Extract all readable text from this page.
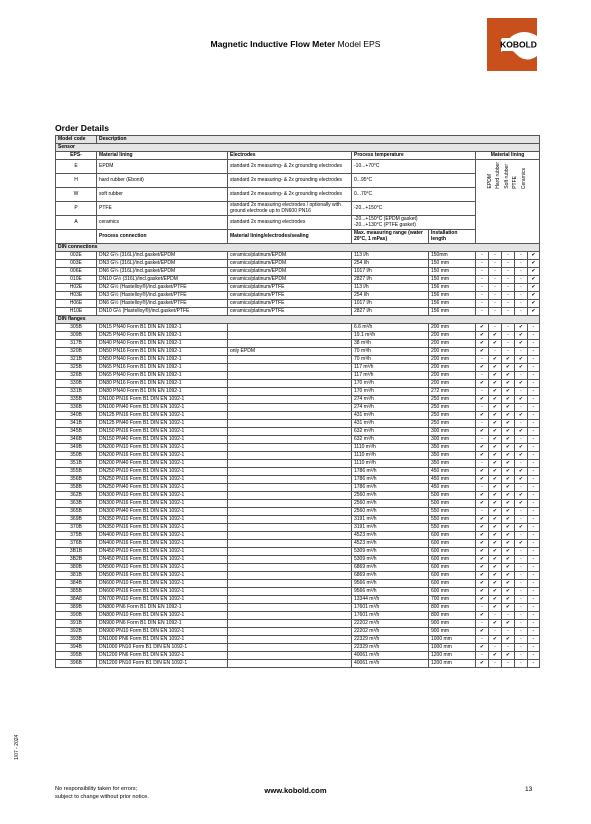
Magnetic Inductive Flow Meter Model EPS	KOBOLD
Order Details
Model code	Description								
Sensor									
EPS-	Material lining	Electrodes	Process temperature		Material lining				
E	EPDM	standard 2x measuring- & 2x grounding electrodes	-10...+70°C		EPDM Hard rubber Soft rubber PTFE Ceramics				
H	hard rubber (Ebonit)	standard 2x measuring- & 2x grounding electrodes	0...95°C						

W	soft rubber	standard 2x measuring- & 2x grounding electrodes	0...70°C						

P	PTFE	standard 2x measuring electrodes / optionally with ground electrode up to DN600 PN16	-20...+150°C						

A	ceramics	standard 2x measuring electrodes	-20...+150°C (EPDM gasket)
-20...+130°C (PTFE gasket)						

	Process connection	Material lining/electrodes/sealing	Max. measuring range (water 20°C, 1 mPas)	Installation length					
DIN connections									
002E	DN2 G¼ (316L)/incl.gasket/EPDM	ceramics/platinum/EPDM	113 l/h	150mm	-	-	-	-	✔
003E	DN3 G¼ (316L)/incl.gasket/EPDM	ceramics/platinum/EPDM	254 l/h	150 mm	-	-	-	-	✔
006E	DN6 G¼ (316L)/incl.gasket/EPDM	ceramics/platinum/EPDM	1017 l/h	150 mm	-	-	-	-	✔
010E	DN10 G½ (316L)/incl.gasket/EPDM	ceramics/platinum/EPDM	2827 l/h	150 mm	-	-	-	-	✔
H02E	DN2 G½ (Hastelloy®)/incl.gasket/PTFE	ceramics/platinum/PTFE	113 l/h	156 mm	-	-	-	-	✔
H03E	DN3 G½ (Hastelloy®)/incl.gasket/PTFE	ceramics/platinum/PTFE	254 l/h	156 mm	-	-	-	-	✔
H06E	DN6 G½ (Hastelloy®)/incl.gasket/PTFE	ceramics/platinum/PTFE	1017 l/h	156 mm	-	-	-	-	✔
H10E	DN10 G½ (Hastelloy®)/incl.gasket/PTFE	ceramics/platinum/PTFE	2827 l/h	156 mm	-	-	-	-	✔
DIN flanges									
305B	DN15 PN40 Form B1 DIN EN 1092-1		6.6 m³/h	200 mm	✔	-	-	✔	-
309B	DN25 PN40 Form B1 DIN EN 1092-1		19.1 m³/h	200 mm	✔	✔	-	✔	-
317B	DN40 PN40 Form B1 DIN EN 1092-1		38 m³/h	200 mm	✔	✔	-	✔	-
320B	DN50 PN16 Form B1 DIN EN 1092-1	only EPDM	70 m³/h	200 mm	✔	-	-	-	-
321B	DN50 PN40 Form B1 DIN EN 1092-1		70 m³/h	200 mm	-	✔	✔	✔	-
325B	DN65 PN16 Form B1 DIN EN 1092-1		117 m³/h	200 mm	✔	✔	✔	✔	-
326B	DN65 PN40 Form B1 DIN EN 1092-1		117 m³/h	200 mm	-	✔	✔	-	-
330B	DN80 PN16 Form B1 DIN EN 1092-1		170 m³/h	200 mm	✔	✔	✔	✔	-
331B	DN80 PN40 Form B1 DIN EN 1092-1		170 m³/h	272 mm	-	✔	✔	-	-
335B	DN100 PN16 Form B1 DIN EN 1092-1		274 m³/h	250 mm	✔	✔	✔	✔	-
336B	DN100 PN40 Form B1 DIN EN 1092-1		274 m³/h	250 mm	-	✔	✔	-	-
340B	DN125 PN16 Form B1 DIN EN 1092-1		431 m³/h	250 mm	✔	✔	✔	✔	-
341B	DN125 PN40 Form B1 DIN EN 1092-1		431 m³/h	250 mm	-	✔	✔	-	-
345B	DN150 PN16 Form B1 DIN EN 1092-1		632 m³/h	300 mm	✔	✔	✔	✔	-
346B	DN150 PN40 Form B1 DIN EN 1092-1		632 m³/h	300 mm	-	✔	✔	-	-
349B	DN200 PN10 Form B1 DIN EN 1092-1		1110 m³/h	350 mm	✔	✔	✔	✔	-
350B	DN200 PN16 Form B1 DIN EN 1092-1		1110 m³/h	350 mm	✔	✔	✔	✔	-
351B	DN200 PN40 Form B1 DIN EN 1092-1		1110 m³/h	350 mm	-	✔	✔	-	-
355B	DN250 PN10 Form B1 DIN EN 1092-1		1786 m³/h	450 mm	✔	✔	✔	✔	-
356B	DN250 PN16 Form B1 DIN EN 1092-1		1786 m³/h	450 mm	✔	✔	✔	✔	-
358B	DN250 PN40 Form B1 DIN EN 1092-1		1786 m³/h	450 mm	-	✔	✔	-	-
362B	DN300 PN10 Form B1 DIN EN 1092-1		2560 m³/h	500 mm	✔	✔	✔	✔	-
363B	DN300 PN16 Form B1 DIN EN 1092-1		2560 m³/h	500 mm	✔	✔	✔	✔	-
365B	DN300 PN40 Form B1 DIN EN 1092-1		2560 m³/h	550 mm	-	✔	✔	-	-
369B	DN350 PN10 Form B1 DIN EN 1092-1		3191 m³/h	550 mm	✔	✔	✔	-	-
370B	DN350 PN16 Form B1 DIN EN 1092-1		3191 m³/h	550 mm	✔	✔	✔	✔	-
375B	DN400 PN10 Form B1 DIN EN 1092-1		4523 m³/h	600 mm	✔	✔	✔	-	-
376B	DN400 PN16 Form B1 DIN EN 1092-1		4523 m³/h	600 mm	✔	✔	✔	✔	-
3B1B	DN450 PN10 Form B1 DIN EN 1092-1		5309 m³/h	600 mm	✔	✔	✔	-	-
3B2B	DN450 PN16 Form B1 DIN EN 1092-1		5309 m³/h	600 mm	✔	✔	✔	-	-
380B	DN500 PN10 Form B1 DIN EN 1092-1		6869 m³/h	600 mm	✔	✔	✔	-	-
381B	DN500 PN16 Form B1 DIN EN 1092-1		6869 m³/h	600 mm	✔	✔	✔	-	-
384B	DN600 PN10 Form B1 DIN EN 1092-1		9566 m³/h	600 mm	✔	✔	✔	-	-
385B	DN600 PN16 Form B1 DIN EN 1092-1		9566 m³/h	600 mm	✔	✔	✔	-	-
38A8	DN700 PN10 Form B1 DIN EN 1092-1		13344 m³/h	700 mm	✔	✔	✔	-	-
389B	DN800 PN6 Form B1 DIN EN 1092-1		17601 m³/h	800 mm	-	✔	✔	-	-
390B	DN800 PN10 Form B1 DIN EN 1092-1		17601 m³/h	800 mm	✔	-	-	-	-
391B	DN900 PN6 Form B1 DIN EN 1092-1		22202 m³/h	900 mm	-	✔	✔	-	-
392B	DN900 PN10 Form B1 DIN EN 1092-1		22202 m³/h	900 mm	✔	-	-	-	-
393B	DN1000 PN6 Form B1 DIN EN 1092-1		22329 m³/h	1000 mm	-	✔	✔	-	-
394B	DN1000 PN10 Form B1 DIN EN 1092-1		22329 m³/h	1000 mm	✔	-	-	-	-
395B	DN1200 PN6 Form B1 DIN EN 1092-1		40061 m³/h	1200 mm	-	✔	✔	-	-
396B	DN1200 PN10 Form B1 DIN EN 1092-1		40061 m³/h	1200 mm	✔	-	-	-	-
1/07 - 2024
No responsibility taken for errors;
subject to change without prior notice.
www.kobold.com	13
